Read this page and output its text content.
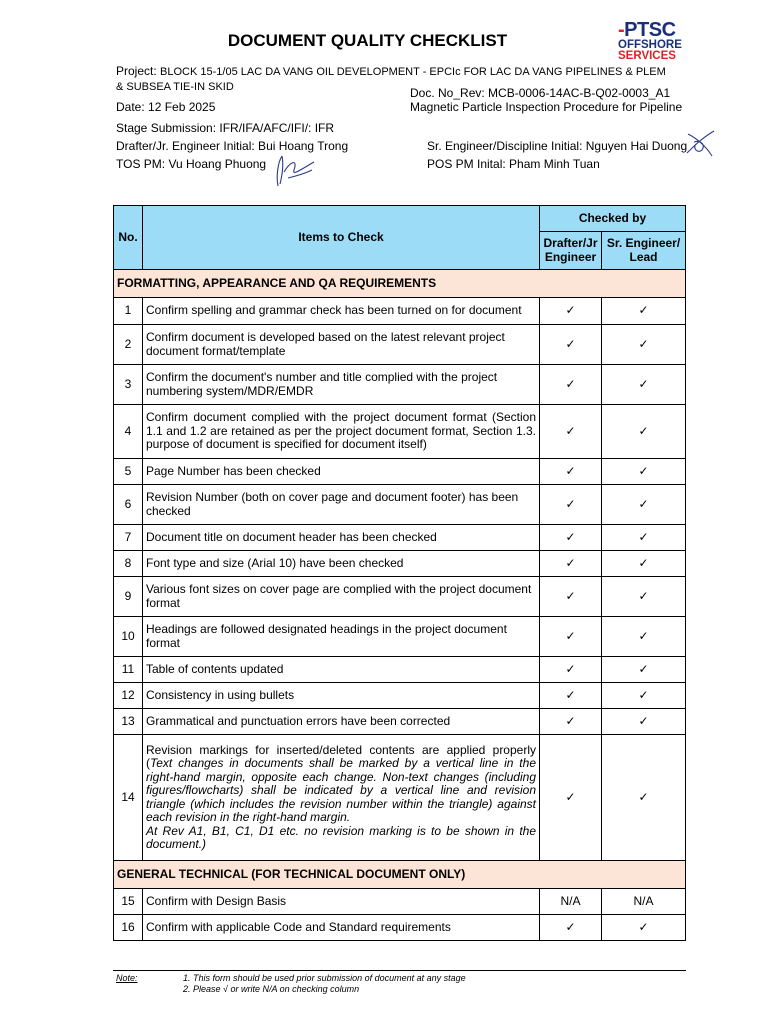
DOCUMENT QUALITY CHECKLIST	-PTSC
OFFSHORE
SERVICES
Project: BLOCK 15-1/05 LAC DA VANG OIL DEVELOPMENT - EPCIc FOR LAC DA VANG PIPELINES & PLEM & SUBSEA TIE-IN SKID
Date: 12 Feb 2025
Doc. No_Rev: MCB-0006-14AC-B-Q02-0003_A1
Magnetic Particle Inspection Procedure for Pipeline
Stage Submission: IFR/IFA/AFC/IFI/: IFR
Drafter/Jr. Engineer Initial: Bui Hoang Trong	Sr. Engineer/Discipline Initial: Nguyen Hai Duong
TOS PM: Vu Hoang Phuong	POS PM Inital: Pham Minh Tuan
No.	Items to Check	Checked by	
		Drafter/Jr Engineer	Sr. Engineer/ Lead
FORMATTING, APPEARANCE AND QA REQUIREMENTS			
1	Confirm spelling and grammar check has been turned on for document	✓	✓
2	Confirm document is developed based on the latest relevant project document format/template	✓	✓
3	Confirm the document's number and title complied with the project numbering system/MDR/EMDR	✓	✓
4	Confirm document complied with the project document format (Section 1.1 and 1.2 are retained as per the project document format, Section 1.3. purpose of document is specified for document itself)	✓	✓
5	Page Number has been checked	✓	✓
6	Revision Number (both on cover page and document footer) has been checked	✓	✓
7	Document title on document header has been checked	✓	✓
8	Font type and size (Arial 10) have been checked	✓	✓
9	Various font sizes on cover page are complied with the project document format	✓	✓
10	Headings are followed designated headings in the project document format	✓	✓
11	Table of contents updated	✓	✓
12	Consistency in using bullets	✓	✓
13	Grammatical and punctuation errors have been corrected	✓	✓
14	Revision markings for inserted/deleted contents are applied properly (Text changes in documents shall be marked by a vertical line in the right-hand margin, opposite each change. Non-text changes (including figures/flowcharts) shall be indicated by a vertical line and revision triangle (which includes the revision number within the triangle) against each revision in the right-hand margin.
At Rev A1, B1, C1, D1 etc. no revision marking is to be shown in the document.)	✓	✓
GENERAL TECHNICAL (FOR TECHNICAL DOCUMENT ONLY)			
15	Confirm with Design Basis	N/A	N/A
16	Confirm with applicable Code and Standard requirements	✓	✓
Note:	1. This form should be used prior submission of document at any stage
2. Please √ or write N/A on checking column
